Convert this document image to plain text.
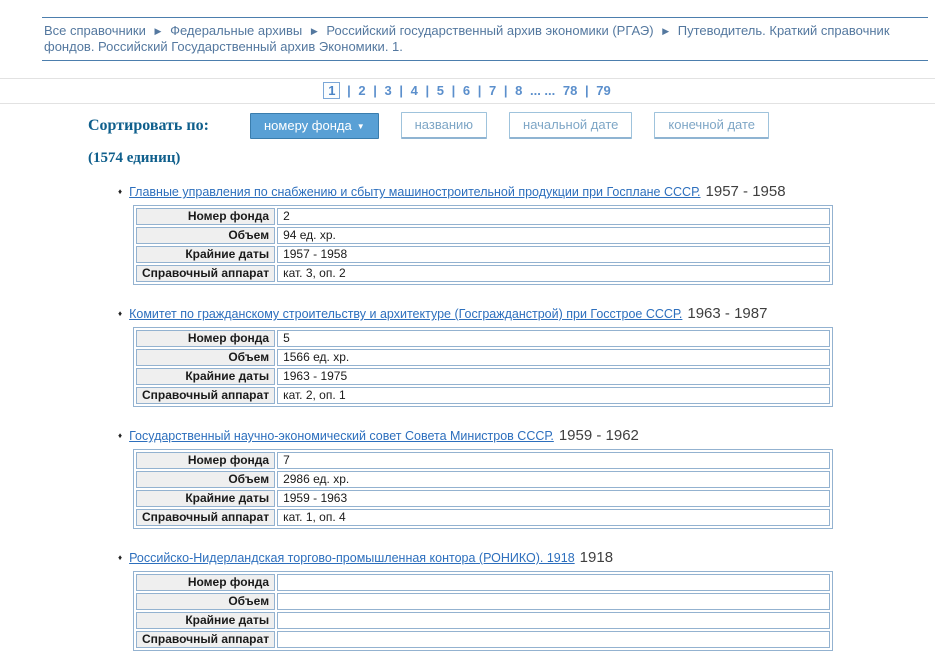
Все справочники ▶ Федеральные архивы ▶ Российский государственный архив экономики (РГАЭ) ▶ Путеводитель. Краткий справочник фондов. Российский Государственный архив Экономики. 1.
1 | 2 | 3 | 4 | 5 | 6 | 7 | 8 ... ... 78 | 79
Сортировать по:	номеру фонда ▼	названию	начальной дате	конечной дате
(1574 единиц)
♦ Главные управления по снабжению и сбыту машиностроительной продукции при Госплане СССР. 1957 - 1958
Номер фонда	2
Объем	94 ед. хр.
Крайние даты	1957 - 1958
Справочный аппарат	кат. 3, оп. 2
♦ Комитет по гражданскому строительству и архитектуре (Госгражданстрой) при Госстрое СССР. 1963 - 1987
Номер фонда	5
Объем	1566 ед. хр.
Крайние даты	1963 - 1975
Справочный аппарат	кат. 2, оп. 1
♦ Государственный научно-экономический совет Совета Министров СССР. 1959 - 1962
Номер фонда	7
Объем	2986 ед. хр.
Крайние даты	1959 - 1963
Справочный аппарат	кат. 1, оп. 4
♦ Российско-Нидерландская торгово-промышленная контора (РОНИКО). 1918 1918
Номер фонда	
Объем	
Крайние даты	
Справочный аппарат	
